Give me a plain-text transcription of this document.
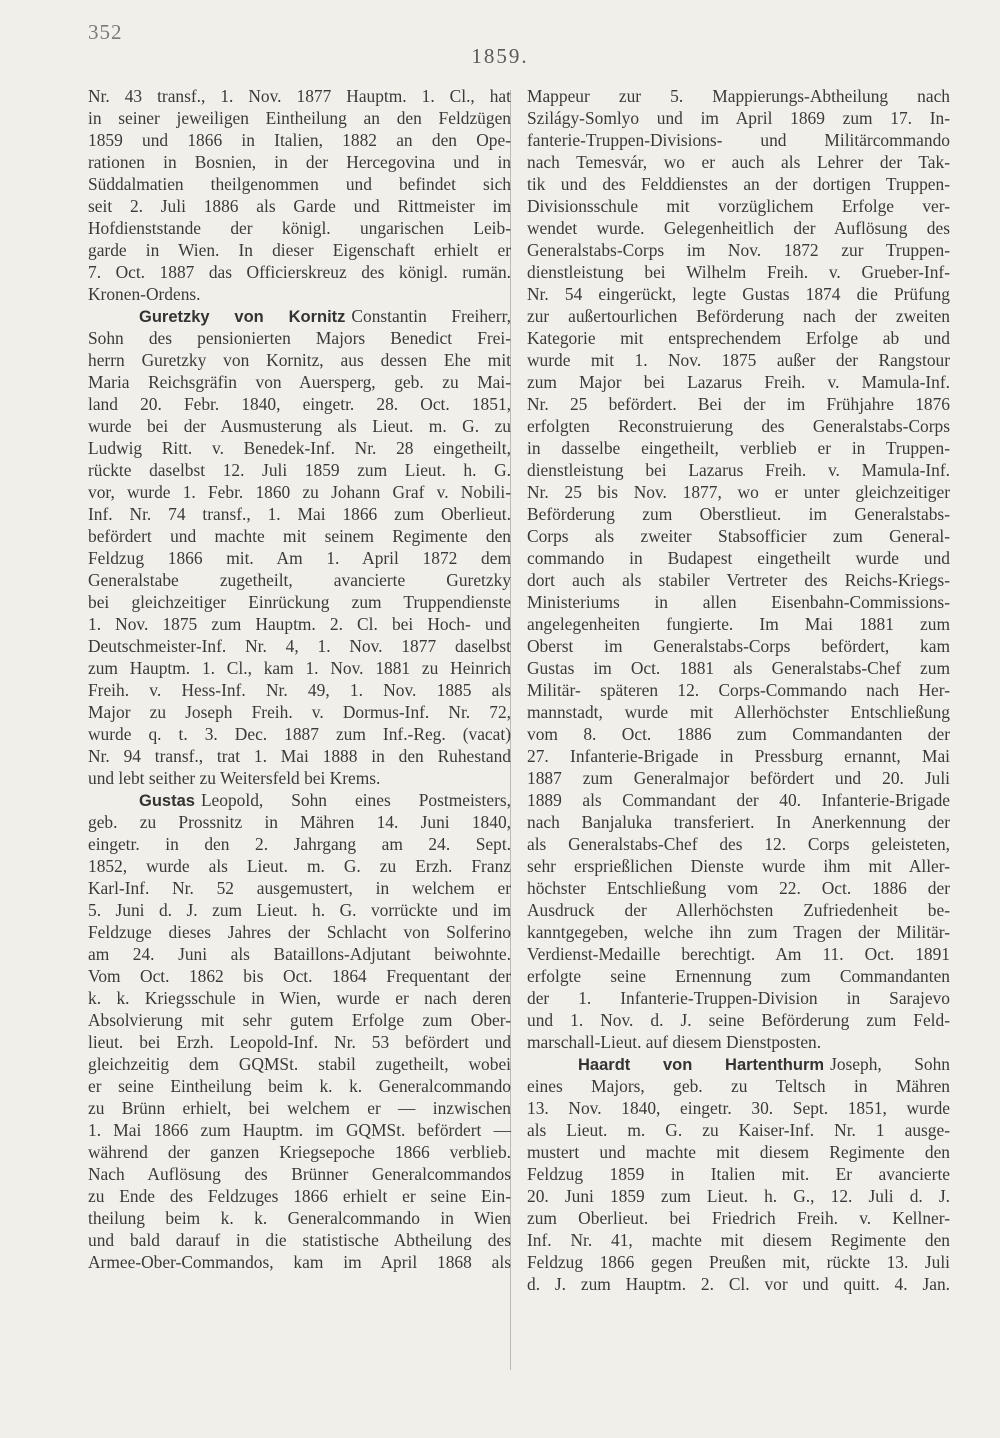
352
1859.
Nr. 43 transf., 1. Nov. 1877 Hauptm. 1. Cl., hat
in seiner jeweiligen Eintheilung an den Feldzügen
1859 und 1866 in Italien, 1882 an den Ope-
rationen in Bosnien, in der Hercegovina und in
Süddalmatien theilgenommen und befindet sich
seit 2. Juli 1886 als Garde und Rittmeister im
Hofdienststande der königl. ungarischen Leib-
garde in Wien. In dieser Eigenschaft erhielt er
7. Oct. 1887 das Officierskreuz des königl. rumän.
Kronen-Ordens.
Guretzky von Kornitz Constantin Freiherr,
Sohn des pensionierten Majors Benedict Frei-
herrn Guretzky von Kornitz, aus dessen Ehe mit
Maria Reichsgräfin von Auersperg, geb. zu Mai-
land 20. Febr. 1840, eingetr. 28. Oct. 1851,
wurde bei der Ausmusterung als Lieut. m. G. zu
Ludwig Ritt. v. Benedek-Inf. Nr. 28 eingetheilt,
rückte daselbst 12. Juli 1859 zum Lieut. h. G.
vor, wurde 1. Febr. 1860 zu Johann Graf v. Nobili-
Inf. Nr. 74 transf., 1. Mai 1866 zum Oberlieut.
befördert und machte mit seinem Regimente den
Feldzug 1866 mit. Am 1. April 1872 dem
Generalstabe zugetheilt, avancierte Guretzky
bei gleichzeitiger Einrückung zum Truppendienste
1. Nov. 1875 zum Hauptm. 2. Cl. bei Hoch- und
Deutschmeister-Inf. Nr. 4, 1. Nov. 1877 daselbst
zum Hauptm. 1. Cl., kam 1. Nov. 1881 zu Heinrich
Freih. v. Hess-Inf. Nr. 49, 1. Nov. 1885 als
Major zu Joseph Freih. v. Dormus-Inf. Nr. 72,
wurde q. t. 3. Dec. 1887 zum Inf.-Reg. (vacat)
Nr. 94 transf., trat 1. Mai 1888 in den Ruhestand
und lebt seither zu Weitersfeld bei Krems.
Gustas Leopold, Sohn eines Postmeisters,
geb. zu Prossnitz in Mähren 14. Juni 1840,
eingetr. in den 2. Jahrgang am 24. Sept.
1852, wurde als Lieut. m. G. zu Erzh. Franz
Karl-Inf. Nr. 52 ausgemustert, in welchem er
5. Juni d. J. zum Lieut. h. G. vorrückte und im
Feldzuge dieses Jahres der Schlacht von Solferino
am 24. Juni als Bataillons-Adjutant beiwohnte.
Vom Oct. 1862 bis Oct. 1864 Frequentant der
k. k. Kriegsschule in Wien, wurde er nach deren
Absolvierung mit sehr gutem Erfolge zum Ober-
lieut. bei Erzh. Leopold-Inf. Nr. 53 befördert und
gleichzeitig dem GQMSt. stabil zugetheilt, wobei
er seine Eintheilung beim k. k. Generalcommando
zu Brünn erhielt, bei welchem er — inzwischen
1. Mai 1866 zum Hauptm. im GQMSt. befördert —
während der ganzen Kriegsepoche 1866 verblieb.
Nach Auflösung des Brünner Generalcommandos
zu Ende des Feldzuges 1866 erhielt er seine Ein-
theilung beim k. k. Generalcommando in Wien
und bald darauf in die statistische Abtheilung des
Armee-Ober-Commandos, kam im April 1868 als
Mappeur zur 5. Mappierungs-Abtheilung nach
Szilágy-Somlyo und im April 1869 zum 17. In-
fanterie-Truppen-Divisions- und Militärcommando
nach Temesvár, wo er auch als Lehrer der Tak-
tik und des Felddienstes an der dortigen Truppen-
Divisionsschule mit vorzüglichem Erfolge ver-
wendet wurde. Gelegenheitlich der Auflösung des
Generalstabs-Corps im Nov. 1872 zur Truppen-
dienstleistung bei Wilhelm Freih. v. Grueber-Inf-
Nr. 54 eingerückt, legte Gustas 1874 die Prüfung
zur außertourlichen Beförderung nach der zweiten
Kategorie mit entsprechendem Erfolge ab und
wurde mit 1. Nov. 1875 außer der Rangstour
zum Major bei Lazarus Freih. v. Mamula-Inf.
Nr. 25 befördert. Bei der im Frühjahre 1876
erfolgten Reconstruierung des Generalstabs-Corps
in dasselbe eingetheilt, verblieb er in Truppen-
dienstleistung bei Lazarus Freih. v. Mamula-Inf.
Nr. 25 bis Nov. 1877, wo er unter gleichzeitiger
Beförderung zum Oberstlieut. im Generalstabs-
Corps als zweiter Stabsofficier zum General-
commando in Budapest eingetheilt wurde und
dort auch als stabiler Vertreter des Reichs-Kriegs-
Ministeriums in allen Eisenbahn-Commissions-
angelegenheiten fungierte. Im Mai 1881 zum
Oberst im Generalstabs-Corps befördert, kam
Gustas im Oct. 1881 als Generalstabs-Chef zum
Militär- späteren 12. Corps-Commando nach Her-
mannstadt, wurde mit Allerhöchster Entschließung
vom 8. Oct. 1886 zum Commandanten der
27. Infanterie-Brigade in Pressburg ernannt, Mai
1887 zum Generalmajor befördert und 20. Juli
1889 als Commandant der 40. Infanterie-Brigade
nach Banjaluka transferiert. In Anerkennung der
als Generalstabs-Chef des 12. Corps geleisteten,
sehr ersprießlichen Dienste wurde ihm mit Aller-
höchster Entschließung vom 22. Oct. 1886 der
Ausdruck der Allerhöchsten Zufriedenheit be-
kanntgegeben, welche ihn zum Tragen der Militär-
Verdienst-Medaille berechtigt. Am 11. Oct. 1891
erfolgte seine Ernennung zum Commandanten
der 1. Infanterie-Truppen-Division in Sarajevo
und 1. Nov. d. J. seine Beförderung zum Feld-
marschall-Lieut. auf diesem Dienstposten.
Haardt von Hartenthurm Joseph, Sohn
eines Majors, geb. zu Teltsch in Mähren
13. Nov. 1840, eingetr. 30. Sept. 1851, wurde
als Lieut. m. G. zu Kaiser-Inf. Nr. 1 ausge-
mustert und machte mit diesem Regimente den
Feldzug 1859 in Italien mit. Er avancierte
20. Juni 1859 zum Lieut. h. G., 12. Juli d. J.
zum Oberlieut. bei Friedrich Freih. v. Kellner-
Inf. Nr. 41, machte mit diesem Regimente den
Feldzug 1866 gegen Preußen mit, rückte 13. Juli
d. J. zum Hauptm. 2. Cl. vor und quitt. 4. Jan.
